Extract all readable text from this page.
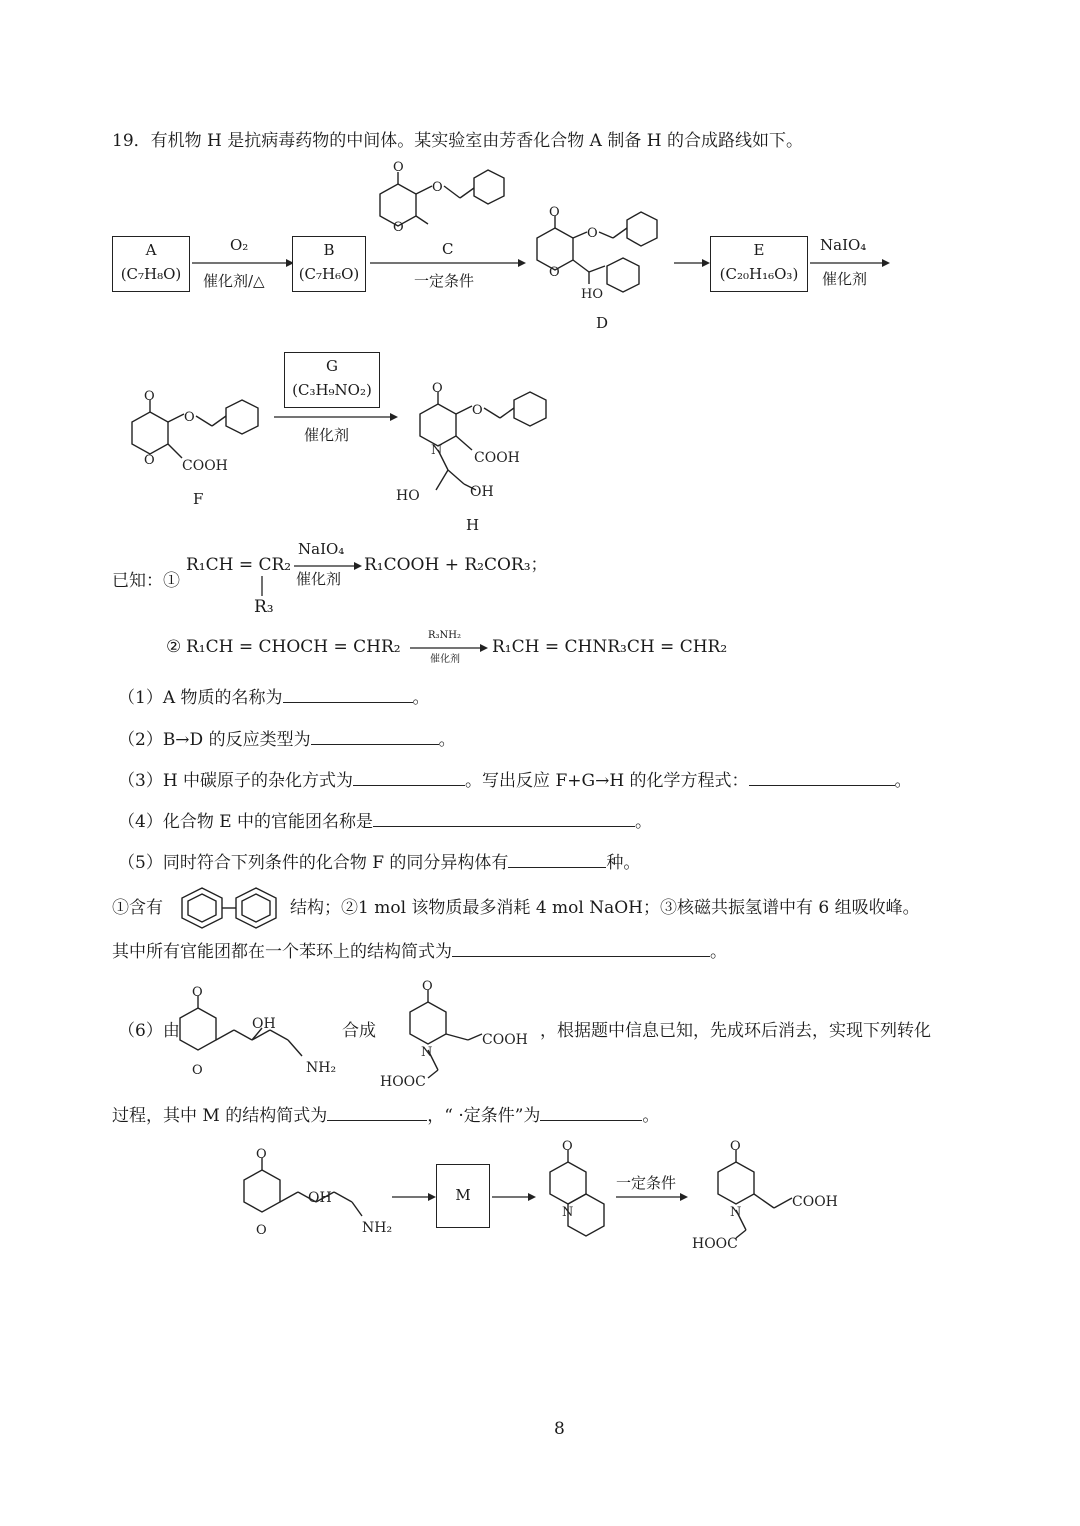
19．有机物 H 是抗病毒药物的中间体。某实验室由芳香化合物 A 制备 H 的合成路线如下。
A
(C₇H₈O)
O₂
催化剂/△
B
(C₇H₆O)
O
O
O
C
一定条件
O
O
O
HO
D
E
(C₂₀H₁₆O₃)
NaIO₄
催化剂
O
O
O COOH
F
G
(C₃H₉NO₂)
催化剂
O
O
N COOH
HO	OH
H
已知：①
R₁CH = CR₂
R₃
NaIO₄
催化剂
R₁COOH + R₂COR₃；
② R₁CH = CHOCH = CHR₂
R₃NH₂
催化剂
R₁CH = CHNR₃CH = CHR₂
（1）A 物质的名称为	。
（2）B→D 的反应类型为	。
（3）H 中碳原子的杂化方式为	。写出反应 F+G→H 的化学方程式：	。
（4）化合物 E 中的官能团名称是	。
（5）同时符合下列条件的化合物 F 的同分异构体有	种。
①含有	结构；②1 mol 该物质最多消耗 4 mol NaOH；③核磁共振氢谱中有 6 组吸收峰。
其中所有官能团都在一个苯环上的结构简式为	。
（6）由
O
O
OH
NH₂
合成
O
N
COOH
HOOC
，根据题中信息已知，先成环后消去，实现下列转化
过程，其中 M 的结构简式为	，“ ·定条件”为	。
O
O
OH
NH₂
M
O
N
一定条件
O
N
COOH
HOOC
8
